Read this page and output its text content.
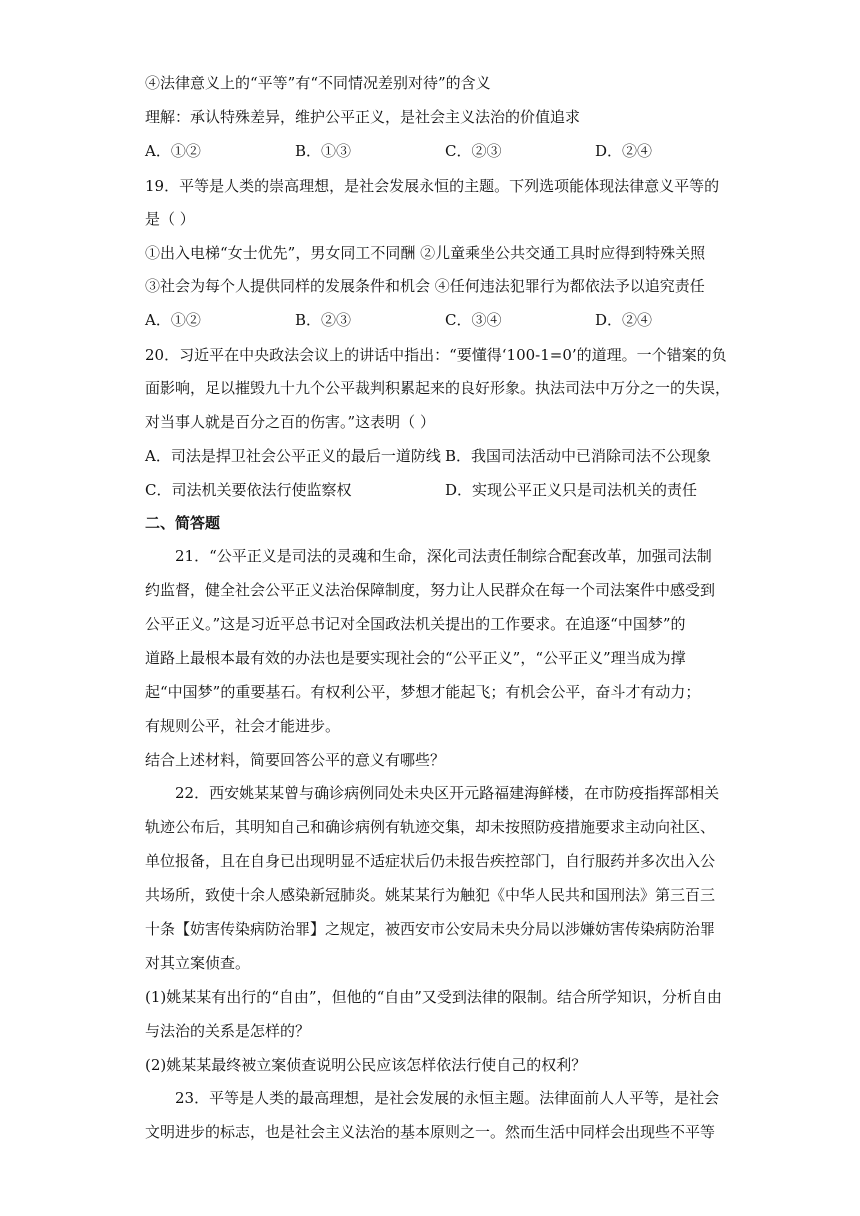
④法律意义上的“平等”有“不同情况差别对待”的含义
理解：承认特殊差异，维护公平正义，是社会主义法治的价值追求
A．①②	B．①③	C．②③	D．②④
19．平等是人类的崇高理想，是社会发展永恒的主题。下列选项能体现法律意义平等的
是（ ）
①出入电梯“女士优先”，男女同工不同酬 ②儿童乘坐公共交通工具时应得到特殊关照
③社会为每个人提供同样的发展条件和机会 ④任何违法犯罪行为都依法予以追究责任
A．①②	B．②③	C．③④	D．②④
20．习近平在中央政法会议上的讲话中指出：“要懂得‘100-1=0’的道理。一个错案的负
面影响，足以摧毁九十九个公平裁判积累起来的良好形象。执法司法中万分之一的失误，
对当事人就是百分之百的伤害。”这表明（ ）
A．司法是捍卫社会公平正义的最后一道防线 B．我国司法活动中已消除司法不公现象
C．司法机关要依法行使监察权	D．实现公平正义只是司法机关的责任
二、简答题
21．“公平正义是司法的灵魂和生命，深化司法责任制综合配套改革，加强司法制
约监督，健全社会公平正义法治保障制度，努力让人民群众在每一个司法案件中感受到
公平正义。”这是习近平总书记对全国政法机关提出的工作要求。在追逐“中国梦”的
道路上最根本最有效的办法也是要实现社会的“公平正义”，“公平正义”理当成为撑
起“中国梦”的重要基石。有权利公平，梦想才能起飞；有机会公平，奋斗才有动力；
有规则公平，社会才能进步。
结合上述材料，简要回答公平的意义有哪些？
22．西安姚某某曾与确诊病例同处未央区开元路福建海鲜楼，在市防疫指挥部相关
轨迹公布后，其明知自己和确诊病例有轨迹交集，却未按照防疫措施要求主动向社区、
单位报备，且在自身已出现明显不适症状后仍未报告疾控部门，自行服药并多次出入公
共场所，致使十余人感染新冠肺炎。姚某某行为触犯《中华人民共和国刑法》第三百三
十条【妨害传染病防治罪】之规定，被西安市公安局未央分局以涉嫌妨害传染病防治罪
对其立案侦查。
(1)姚某某有出行的“自由”，但他的“自由”又受到法律的限制。结合所学知识，分析自由
与法治的关系是怎样的？
(2)姚某某最终被立案侦查说明公民应该怎样依法行使自己的权利？
23．平等是人类的最高理想，是社会发展的永恒主题。法律面前人人平等，是社会
文明进步的标志，也是社会主义法治的基本原则之一。然而生活中同样会出现些不平等
